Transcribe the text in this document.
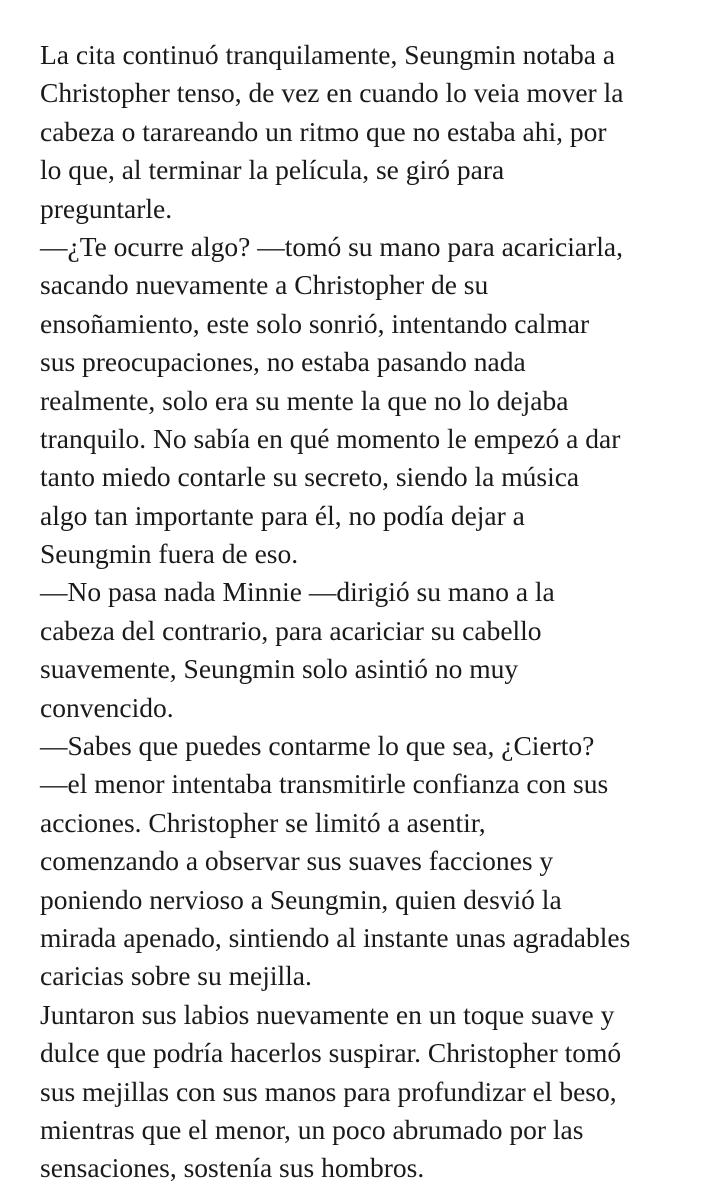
La cita continuó tranquilamente, Seungmin notaba a
Christopher tenso, de vez en cuando lo veia mover la
cabeza o tarareando un ritmo que no estaba ahi, por
lo que, al terminar la película, se giró para
preguntarle.
—¿Te ocurre algo? —tomó su mano para acariciarla,
sacando nuevamente a Christopher de su
ensoñamiento, este solo sonrió, intentando calmar
sus preocupaciones, no estaba pasando nada
realmente, solo era su mente la que no lo dejaba
tranquilo. No sabía en qué momento le empezó a dar
tanto miedo contarle su secreto, siendo la música
algo tan importante para él, no podía dejar a
Seungmin fuera de eso.
—No pasa nada Minnie —dirigió su mano a la
cabeza del contrario, para acariciar su cabello
suavemente, Seungmin solo asintió no muy
convencido.
—Sabes que puedes contarme lo que sea, ¿Cierto?
—el menor intentaba transmitirle confianza con sus
acciones. Christopher se limitó a asentir,
comenzando a observar sus suaves facciones y
poniendo nervioso a Seungmin, quien desvió la
mirada apenado, sintiendo al instante unas agradables
caricias sobre su mejilla.
Juntaron sus labios nuevamente en un toque suave y
dulce que podría hacerlos suspirar. Christopher tomó
sus mejillas con sus manos para profundizar el beso,
mientras que el menor, un poco abrumado por las
sensaciones, sostenía sus hombros.
